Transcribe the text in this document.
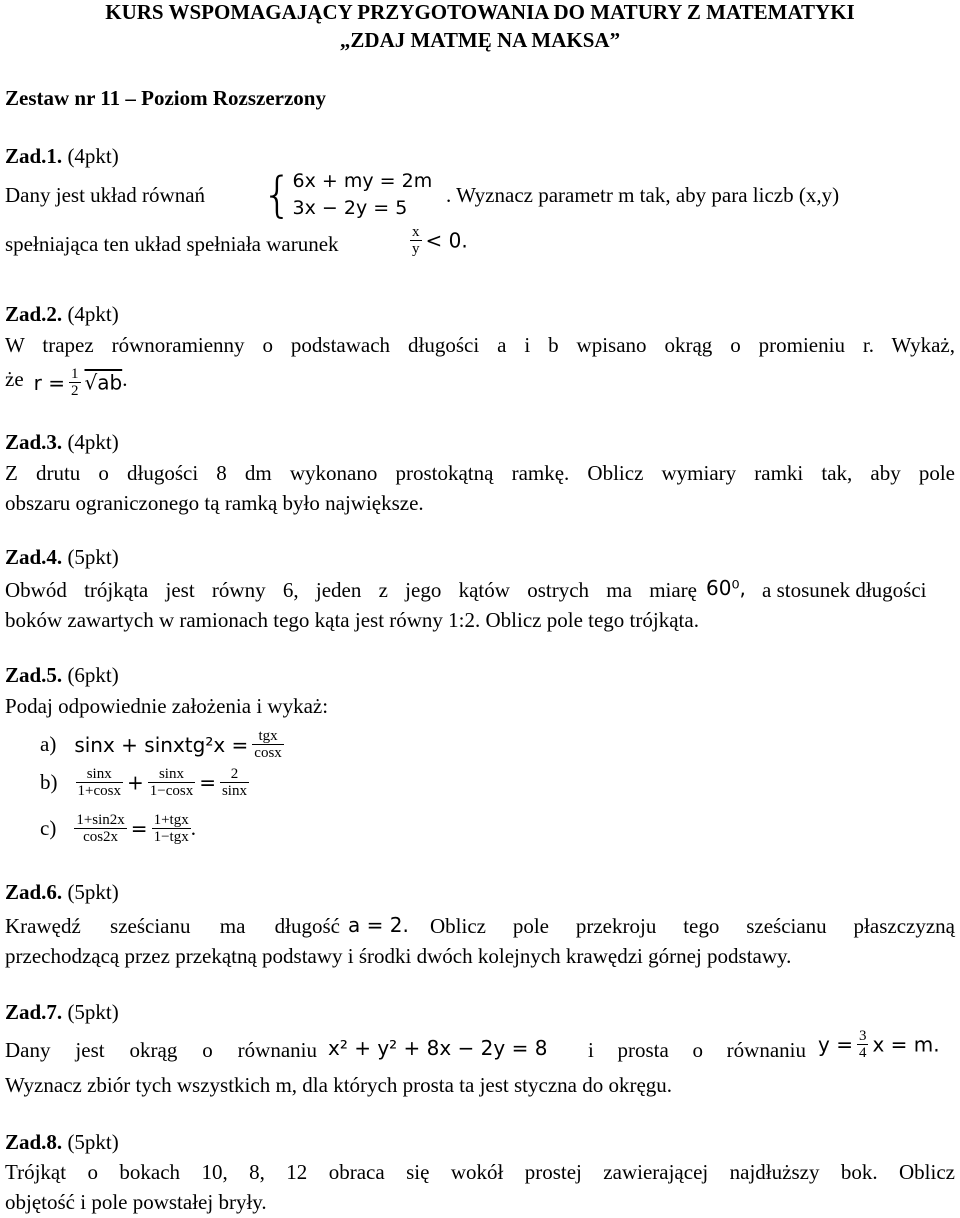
KURS WSPOMAGAJĄCY PRZYGOTOWANIA DO MATURY Z MATEMATYKI
„ZDAJ MATMĘ NA MAKSA”
Zestaw nr 11 – Poziom Rozszerzony
Zad.1. (4pkt)
Dany jest układ równań { 6x + my = 2m
3x − 2y = 5
. Wyznacz parametr m tak, aby para liczb (x,y)
spełniająca ten układ spełniała warunek	$\frac{x}{y} < 0$.
Zad.2. (4pkt)
W trapez równoramienny o podstawach długości a i b wpisano okrąg o promieniu r. Wykaż,
że $r = \frac{1}{2} √ab$.
Zad.3. (4pkt)
Z drutu o długości 8 dm wykonano prostokątną ramkę. Oblicz wymiary ramki tak, aby pole
obszaru ograniczonego tą ramką było największe.
Zad.4. (5pkt)
Obwód trójkąta jest równy 6, jeden z jego kątów ostrych ma miarę 60⁰, a stosunek długości
boków zawartych w ramionach tego kąta jest równy 1:2. Oblicz pole tego trójkąta.
Zad.5. (6pkt)
Podaj odpowiednie założenia i wykaż:
a) sinx + sinxtg²x = $\frac{\text{tgx}}{\cos x}$
$b) \frac{\sin x}{1+\cos x} + \frac{\sin x}{1-\cos x} = \frac{2}{\sin x}$
$c) \frac{1+\sin 2x}{\cos 2x} = \frac{\text{1+tgx}}{\text{1−tgx}}$ .
Zad.6. (5pkt)
Krawędź sześcianu ma długość a = 2. Oblicz pole przekroju tego sześcianu płaszczyzną
przechodzącą przez przekątną podstawy i środki dwóch kolejnych krawędzi górnej podstawy.
Zad.7. (5pkt)
Dany jest okrąg o równaniu x² + y² + 8x − 2y = 8 i prosta o równaniu $y = \frac{3}{4}$ x = m.
Wyznacz zbiór tych wszystkich m, dla których prosta ta jest styczna do okręgu.
Zad.8. (5pkt)
Trójkąt o bokach 10, 8, 12 obraca się wokół prostej zawierającej najdłuższy bok. Oblicz
objętość i pole powstałej bryły.
